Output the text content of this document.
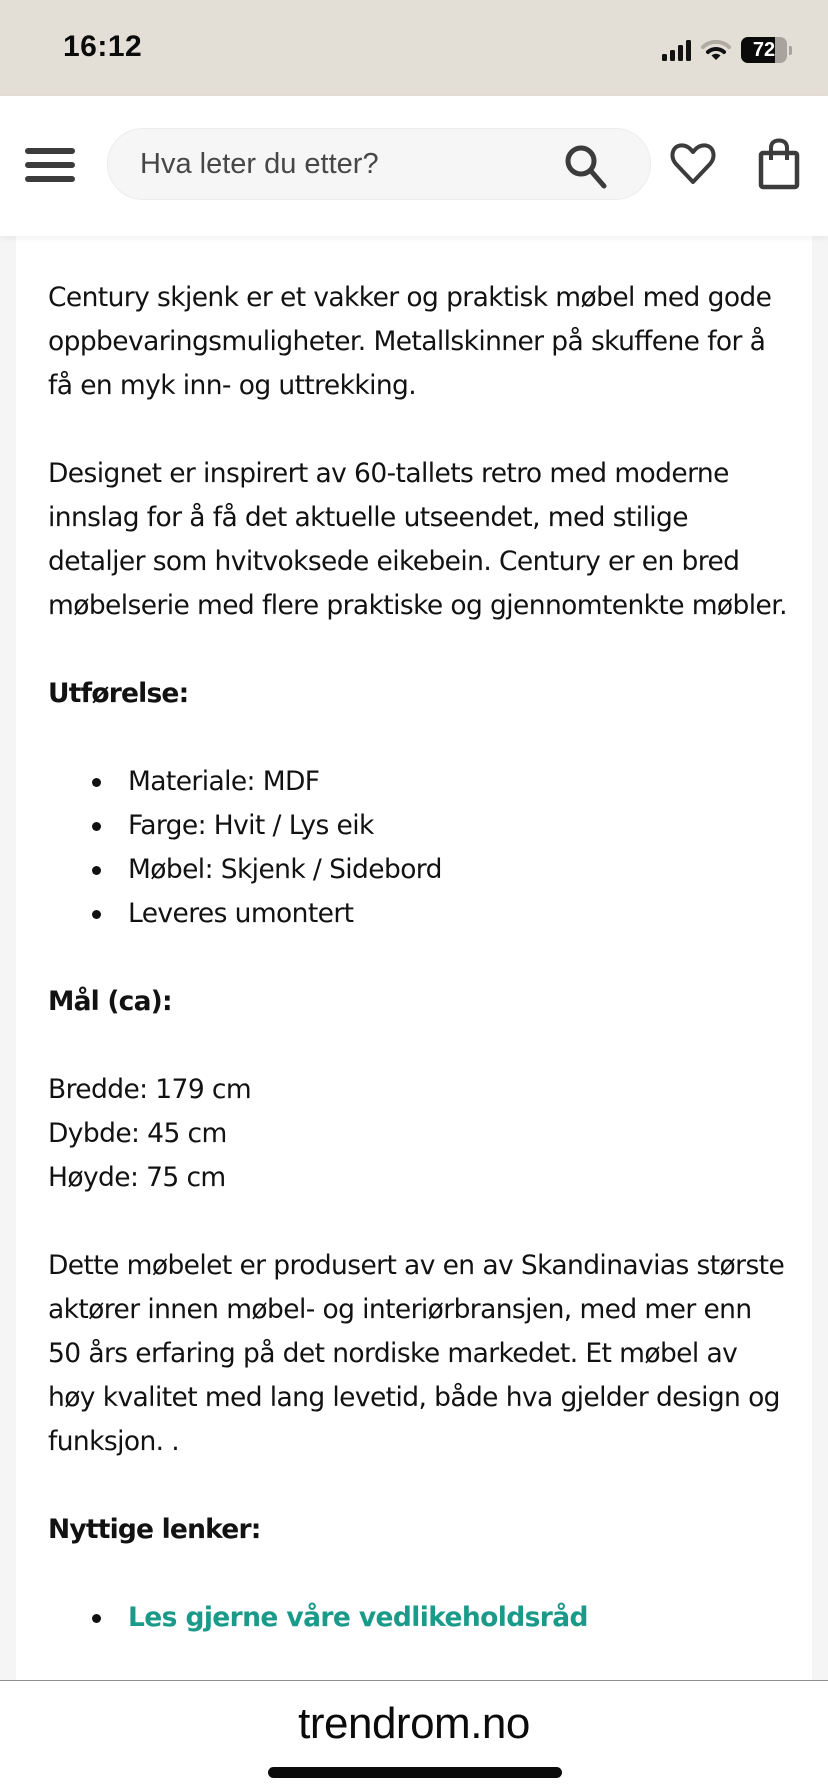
16:12	72
Hva leter du etter?

Century skjenk er et vakker og praktisk møbel med gode oppbevaringsmuligheter. Metallskinner på skuffene for å få en myk inn- og uttrekking.

Designet er inspirert av 60-tallets retro med moderne innslag for å få det aktuelle utseendet, med stilige detaljer som hvitvoksede eikebein. Century er en bred møbelserie med flere praktiske og gjennomtenkte møbler.

Utførelse:
Materiale: MDF
Farge: Hvit / Lys eik
Møbel: Skjenk / Sidebord
Leveres umontert
Mål (ca):
Bredde: 179 cm
Dybde: 45 cm
Høyde: 75 cm

Dette møbelet er produsert av en av Skandinavias største aktører innen møbel- og interiørbransjen, med mer enn 50 års erfaring på det nordiske markedet. Et møbel av høy kvalitet med lang levetid, både hva gjelder design og funksjon. .

Nyttige lenker:
Les gjerne våre vedlikeholdsråd
trendrom.no
